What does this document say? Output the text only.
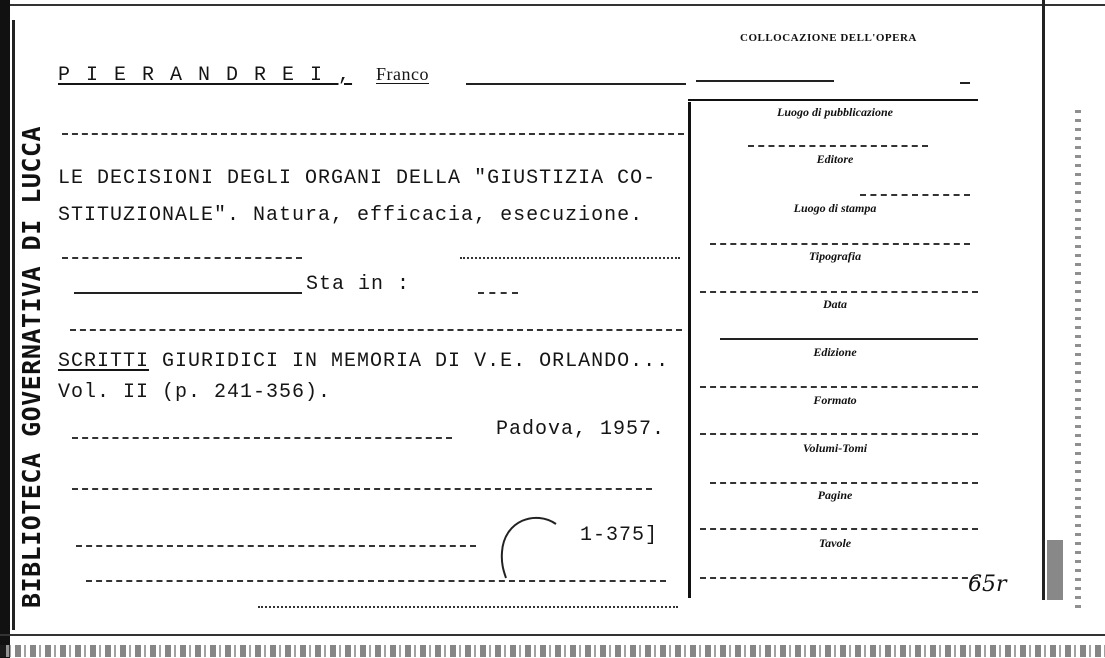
BIBLIOTECA GOVERNATIVA DI LUCCA
COLLOCAZIONE DELL'OPERA
P I E R A N D R E I , Franco
LE DECISIONI DEGLI ORGANI DELLA "GIUSTIZIA CO-
STITUZIONALE". Natura, efficacia, esecuzione.
Sta in :
SCRITTI GIURIDICI IN MEMORIA DI V.E. ORLANDO...
Vol. II (p. 241-356).
Padova, 1957.
1-375]
Luogo di pubblicazione
Editore
Luogo di stampa
Tipografia
Data
Edizione
Formato
Volumi-Tomi
Pagine
Tavole
65r
